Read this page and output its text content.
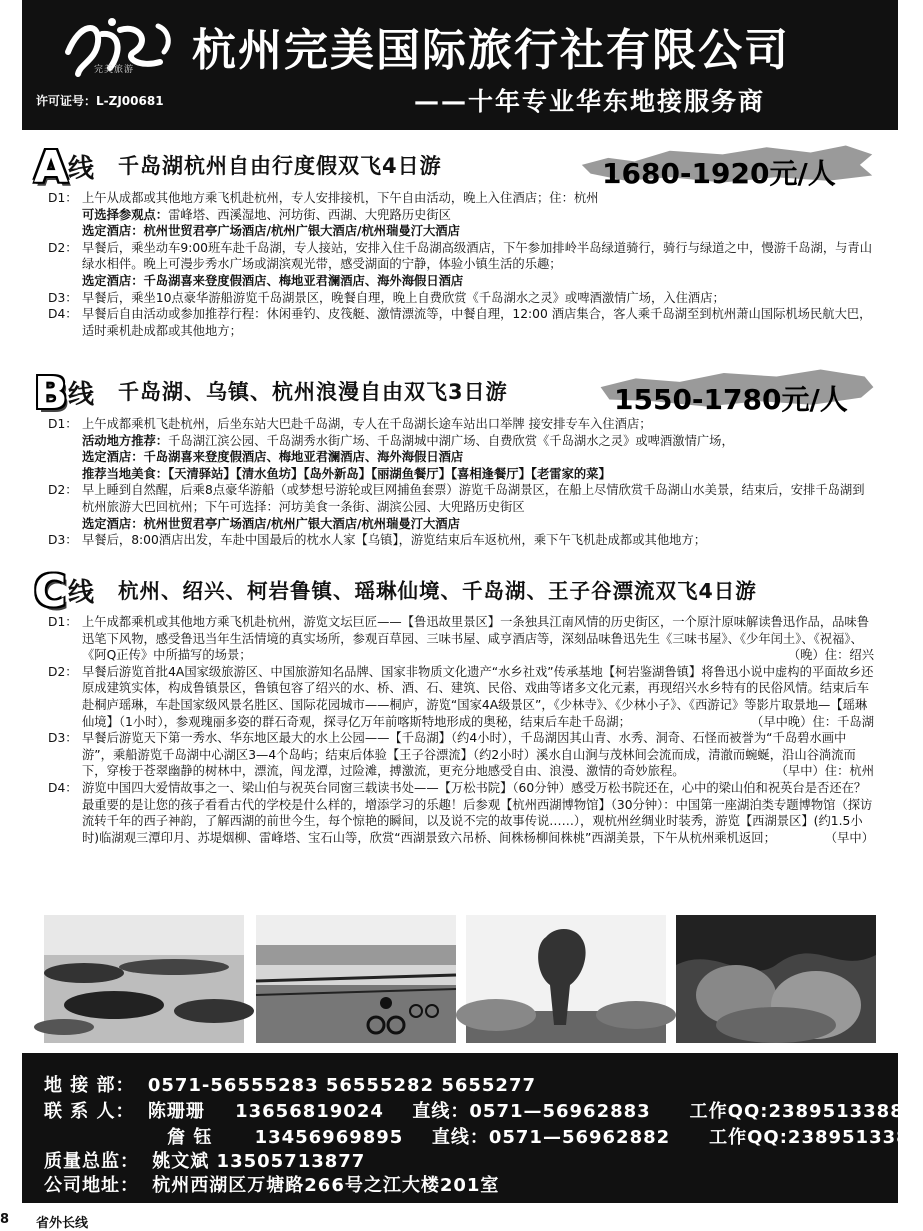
完美旅游 杭州完美国际旅行社有限公司
——十年专业华东地接服务商
许可证号：L-ZJ00681
A 线 千岛湖杭州自由行度假双飞4日游	1680-1920元/人
D1： 上午从成都或其他地方乘飞机赴杭州，专人安排接机，下午自由活动，晚上入住酒店；住：杭州

可选择参观点：雷峰塔、西溪湿地、河坊街、西湖、大兜路历史街区

选定酒店：杭州世贸君亭广场酒店/杭州广银大酒店/杭州瑞曼汀大酒店

D2： 早餐后，乘坐动车9:00班车赴千岛湖，专人接站，安排入住千岛湖高级酒店，下午参加排岭半岛绿道骑行，骑行与绿道之中，慢游千岛湖，与青山绿水相伴。晚上可漫步秀水广场或湖滨观光带，感受湖面的宁静，体验小镇生活的乐趣；

选定酒店：千岛湖喜来登度假酒店、梅地亚君澜酒店、海外海假日酒店

D3： 早餐后，乘坐10点豪华游船游览千岛湖景区，晚餐自理，晚上自费欣赏《千岛湖水之灵》或啤酒激情广场，入住酒店；

D4： 早餐后自由活动或参加推荐行程：休闲垂钓、皮筏艇、激情漂流等，中餐自理，12:00 酒店集合，客人乘千岛湖至到杭州萧山国际机场民航大巴，适时乘机赴成都或其他地方；

B 线 千岛湖、乌镇、杭州浪漫自由双飞3日游	1550-1780元/人
D1： 上午成都乘机飞赴杭州，后坐东站大巴赴千岛湖，专人在千岛湖长途车站出口举牌 接安排专车入住酒店；

活动地方推荐：千岛湖江滨公园、千岛湖秀水街广场、千岛湖城中湖广场、自费欣赏《千岛湖水之灵》或啤酒激情广场，

选定酒店：千岛湖喜来登度假酒店、梅地亚君澜酒店、海外海假日酒店

推荐当地美食：【天清驿站】【清水鱼坊】【岛外新岛】【丽湖鱼餐厅】【喜相逢餐厅】【老雷家的菜】

D2： 早上睡到自然醒，后乘8点豪华游船（或梦想号游轮或巨网捕鱼套票）游览千岛湖景区，在船上尽情欣赏千岛湖山水美景，结束后，安排千岛湖到杭州旅游大巴回杭州；下午可选择：河坊美食一条街、湖滨公园、大兜路历史街区

选定酒店：杭州世贸君亭广场酒店/杭州广银大酒店/杭州瑞曼汀大酒店

D3： 早餐后，8:00酒店出发，车赴中国最后的枕水人家【乌镇】，游览结束后车返杭州，乘下午飞机赴成都或其他地方；

C 线 杭州、绍兴、柯岩鲁镇、瑶琳仙境、千岛湖、王子谷漂流双飞4日游
D1： 上午成都乘机或其他地方乘飞机赴杭州，游览文坛巨匠——【鲁迅故里景区】一条独具江南风情的历史街区，一个原汁原味解读鲁迅作品，品味鲁迅笔下风物，感受鲁迅当年生活情境的真实场所，参观百草园、三味书屋、咸亨酒店等，深刻品味鲁迅先生《三味书屋》、《少年闰土》、《祝福》、《阿Q正传》中所描写的场景；	（晚）住：绍兴

D2： 早餐后游览首批4A国家级旅游区、中国旅游知名品牌、国家非物质文化遗产“水乡社戏”传承基地【柯岩鉴湖鲁镇】将鲁迅小说中虚构的平面故乡还原成建筑实体，构成鲁镇景区，鲁镇包容了绍兴的水、桥、酒、石、建筑、民俗、戏曲等诸多文化元素，再现绍兴水乡特有的民俗风情。结束后车赴桐庐瑶琳，车赴国家级风景名胜区、国际花园城市——桐庐，游览“国家4A级景区”，《少林寺》、《少林小子》、《西游记》等影片取景地—【瑶琳仙境】（1小时），参观瑰丽多姿的群石奇观，探寻亿万年前喀斯特地形成的奥秘，结束后车赴千岛湖；	（早中晚）住：千岛湖

D3： 早餐后游览天下第一秀水、华东地区最大的水上公园——【千岛湖】（约4小时），千岛湖因其山青、水秀、洞奇、石怪而被誉为“千岛碧水画中游”，乘船游览千岛湖中心湖区3—4个岛屿；结束后体验【王子谷漂流】（约2小时）溪水自山涧与茂林间会流而成，清澈而蜿蜒，沿山谷淌流而下，穿梭于苍翠幽静的树林中，漂流，闯龙潭，过险滩，搏激流，更充分地感受自由、浪漫、激情的奇妙旅程。	（早中）住：杭州

D4： 游览中国四大爱情故事之一、梁山伯与祝英台同窗三载读书处——【万松书院】（60分钟）感受万松书院还在，心中的梁山伯和祝英台是否还在？最重要的是让您的孩子看看古代的学校是什么样的，增添学习的乐趣！后参观【杭州西湖博物馆】（30分钟）：中国第一座湖泊类专题博物馆（探访流转千年的西子神韵，了解西湖的前世今生，每个惊艳的瞬间，以及说不完的故事传说……），观杭州丝绸业时装秀，游览【西湖景区】(约1.5小时)临湖观三潭印月、苏堤烟柳、雷峰塔、宝石山等，欣赏“西湖景致六吊桥、间株杨柳间株桃”西湖美景，下午从杭州乘机返回；	（早中）

地 接 部： 0571-56555283 56555282 5655277
联 系 人： 陈珊珊 13656819024 直线：0571—56962883 工作QQ:2389513388
詹 钰 13456969895 直线：0571—56962882 工作QQ:2389513386
质量总监： 姚文斌 13505713877
公司地址： 杭州西湖区万塘路266号之江大楼201室
8 省外长线
